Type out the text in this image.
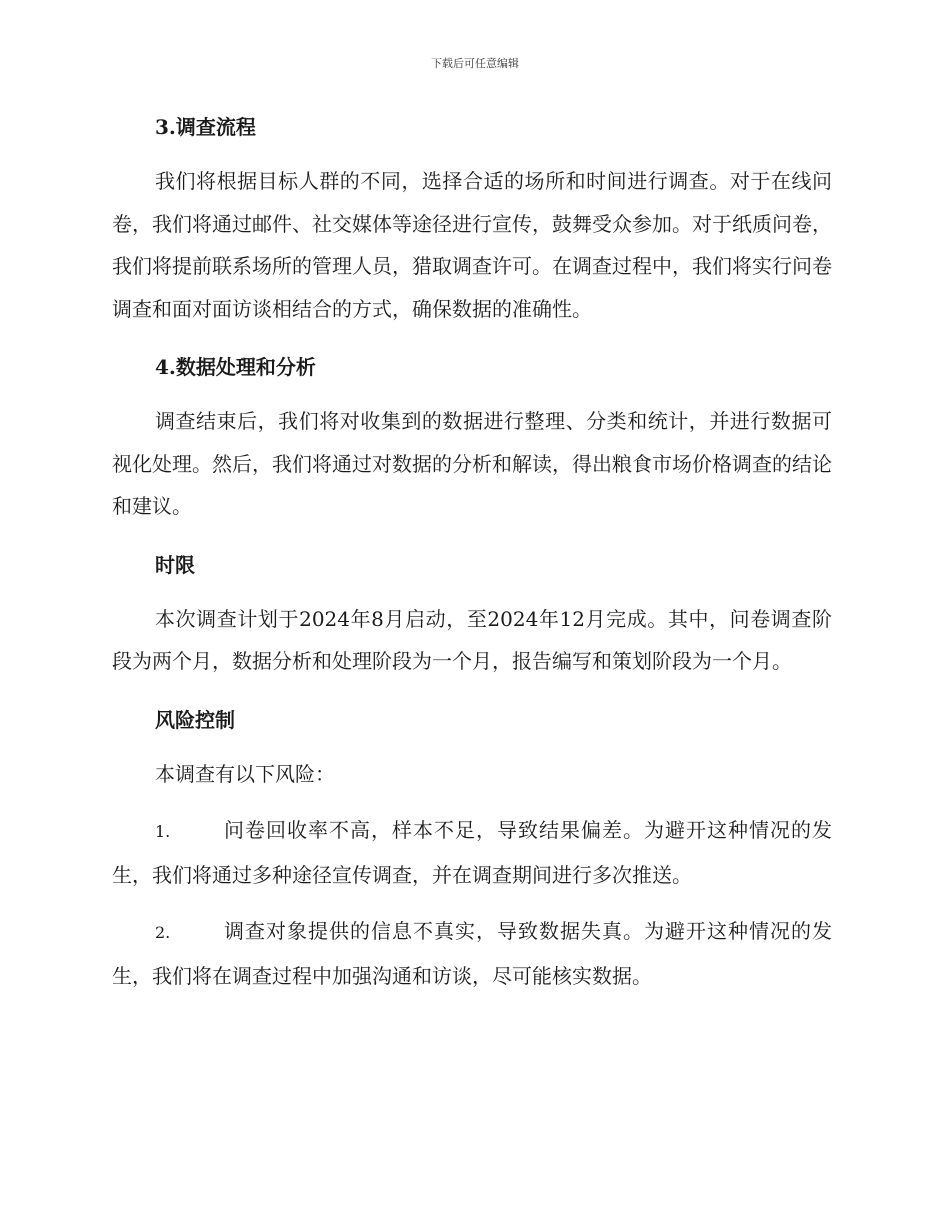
下载后可任意编辑

3.调查流程

我们将根据目标人群的不同，选择合适的场所和时间进行调查。对于在线问卷，我们将通过邮件、社交媒体等途径进行宣传，鼓舞受众参加。对于纸质问卷，我们将提前联系场所的管理人员，猎取调查许可。在调查过程中，我们将实行问卷调查和面对面访谈相结合的方式，确保数据的准确性。

4.数据处理和分析

调查结束后，我们将对收集到的数据进行整理、分类和统计，并进行数据可视化处理。然后，我们将通过对数据的分析和解读，得出粮食市场价格调查的结论和建议。

时限

本次调查计划于2024年8月启动，至2024年12月完成。其中，问卷调查阶段为两个月，数据分析和处理阶段为一个月，报告编写和策划阶段为一个月。

风险控制

本调查有以下风险：

1.	问卷回收率不高，样本不足，导致结果偏差。为避开这种情况的发生，我们将通过多种途径宣传调查，并在调查期间进行多次推送。

2.	调查对象提供的信息不真实，导致数据失真。为避开这种情况的发生，我们将在调查过程中加强沟通和访谈，尽可能核实数据。
